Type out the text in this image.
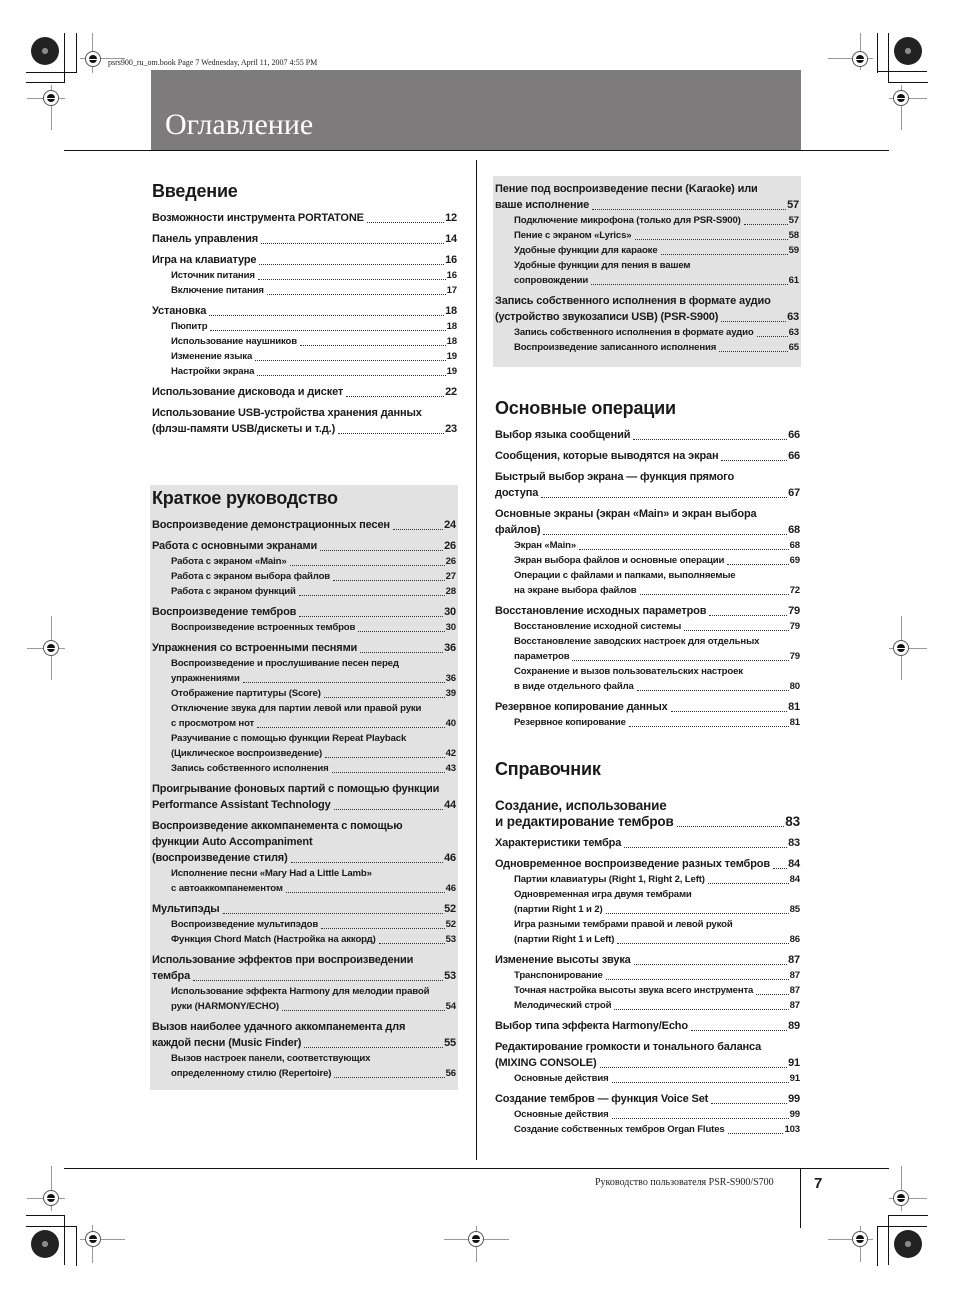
psrs900_ru_om.book Page 7 Wednesday, April 11, 2007 4:55 PM
Оглавление
Введение
Возможности инструмента PORTATONE	12
Панель управления	14
Игра на клавиатуре	16
Источник питания	16
Включение питания	17
Установка	18
Пюпитр	18
Использование наушников	18
Изменение языка	19
Настройки экрана	19
Использование дисковода и дискет	22
Использование USB-устройства хранения данных
(флэш-памяти USB/дискеты и т.д.)	23
Краткое руководство
Воспроизведение демонстрационных песен	24
Работа с основными экранами	26
Работа с экраном «Main»	26
Работа с экраном выбора файлов	27
Работа с экраном функций	28
Воспроизведение тембров	30
Воспроизведение встроенных тембров	30
Упражнения со встроенными песнями	36
Воспроизведение и прослушивание песен перед
упражнениями	36
Отображение партитуры (Score)	39
Отключение звука для партии левой или правой руки
с просмотром нот	40
Разучивание с помощью функции Repeat Playback
(Циклическое воспроизведение)	42
Запись собственного исполнения	43
Проигрывание фоновых партий с помощью функции
Performance Assistant Technology	44
Воспроизведение аккомпанемента с помощью
функции Auto Accompaniment
(воспроизведение стиля)	46
Исполнение песни «Mary Had a Little Lamb»
с автоаккомпанементом	46
Мультипэды	52
Воспроизведение мультипэдов	52
Функция Chord Match (Настройка на аккорд)	53
Использование эффектов при воспроизведении
тембра	53
Использование эффекта Harmony для мелодии правой
руки (HARMONY/ECHO)	54
Вызов наиболее удачного аккомпанемента для
каждой песни (Music Finder)	55
Вызов настроек панели, соответствующих
определенному стилю (Repertoire)	56
Пение под воспроизведение песни (Karaoke) или
ваше исполнение	57
Подключение микрофона (только для PSR-S900)	57
Пение с экраном «Lyrics»	58
Удобные функции для караоке	59
Удобные функции для пения в вашем
сопровождении	61
Запись собственного исполнения в формате аудио
(устройство звукозаписи USB) (PSR-S900)	63
Запись собственного исполнения в формате аудио	63
Воспроизведение записанного исполнения	65
Основные операции
Выбор языка сообщений	66
Сообщения, которые выводятся на экран	66
Быстрый выбор экрана — функция прямого
доступа	67
Основные экраны (экран «Main» и экран выбора
файлов)	68
Экран «Main»	68
Экран выбора файлов и основные операции	69
Операции с файлами и папками, выполняемые
на экране выбора файлов	72
Восстановление исходных параметров	79
Восстановление исходной системы	79
Восстановление заводских настроек для отдельных
параметров	79
Сохранение и вызов пользовательских настроек
в виде отдельного файла	80
Резервное копирование данных	81
Резервное копирование	81
Справочник
Создание, использование
и редактирование тембров	83
Характеристики тембра	83
Одновременное воспроизведение разных тембров 84
Партии клавиатуры (Right 1, Right 2, Left)	84
Одновременная игра двумя тембрами
(партии Right 1 и 2)	85
Игра разными тембрами правой и левой рукой
(партии Right 1 и Left)	86
Изменение высоты звука	87
Транспонирование	87
Точная настройка высоты звука всего инструмента	87
Мелодический строй	87
Выбор типа эффекта Harmony/Echo	89
Редактирование громкости и тонального баланса
(MIXING CONSOLE)	91
Основные действия	91
Создание тембров — функция Voice Set	99
Основные действия	99
Создание собственных тембров Organ Flutes	103
Руководство пользователя PSR-S900/S700	7
